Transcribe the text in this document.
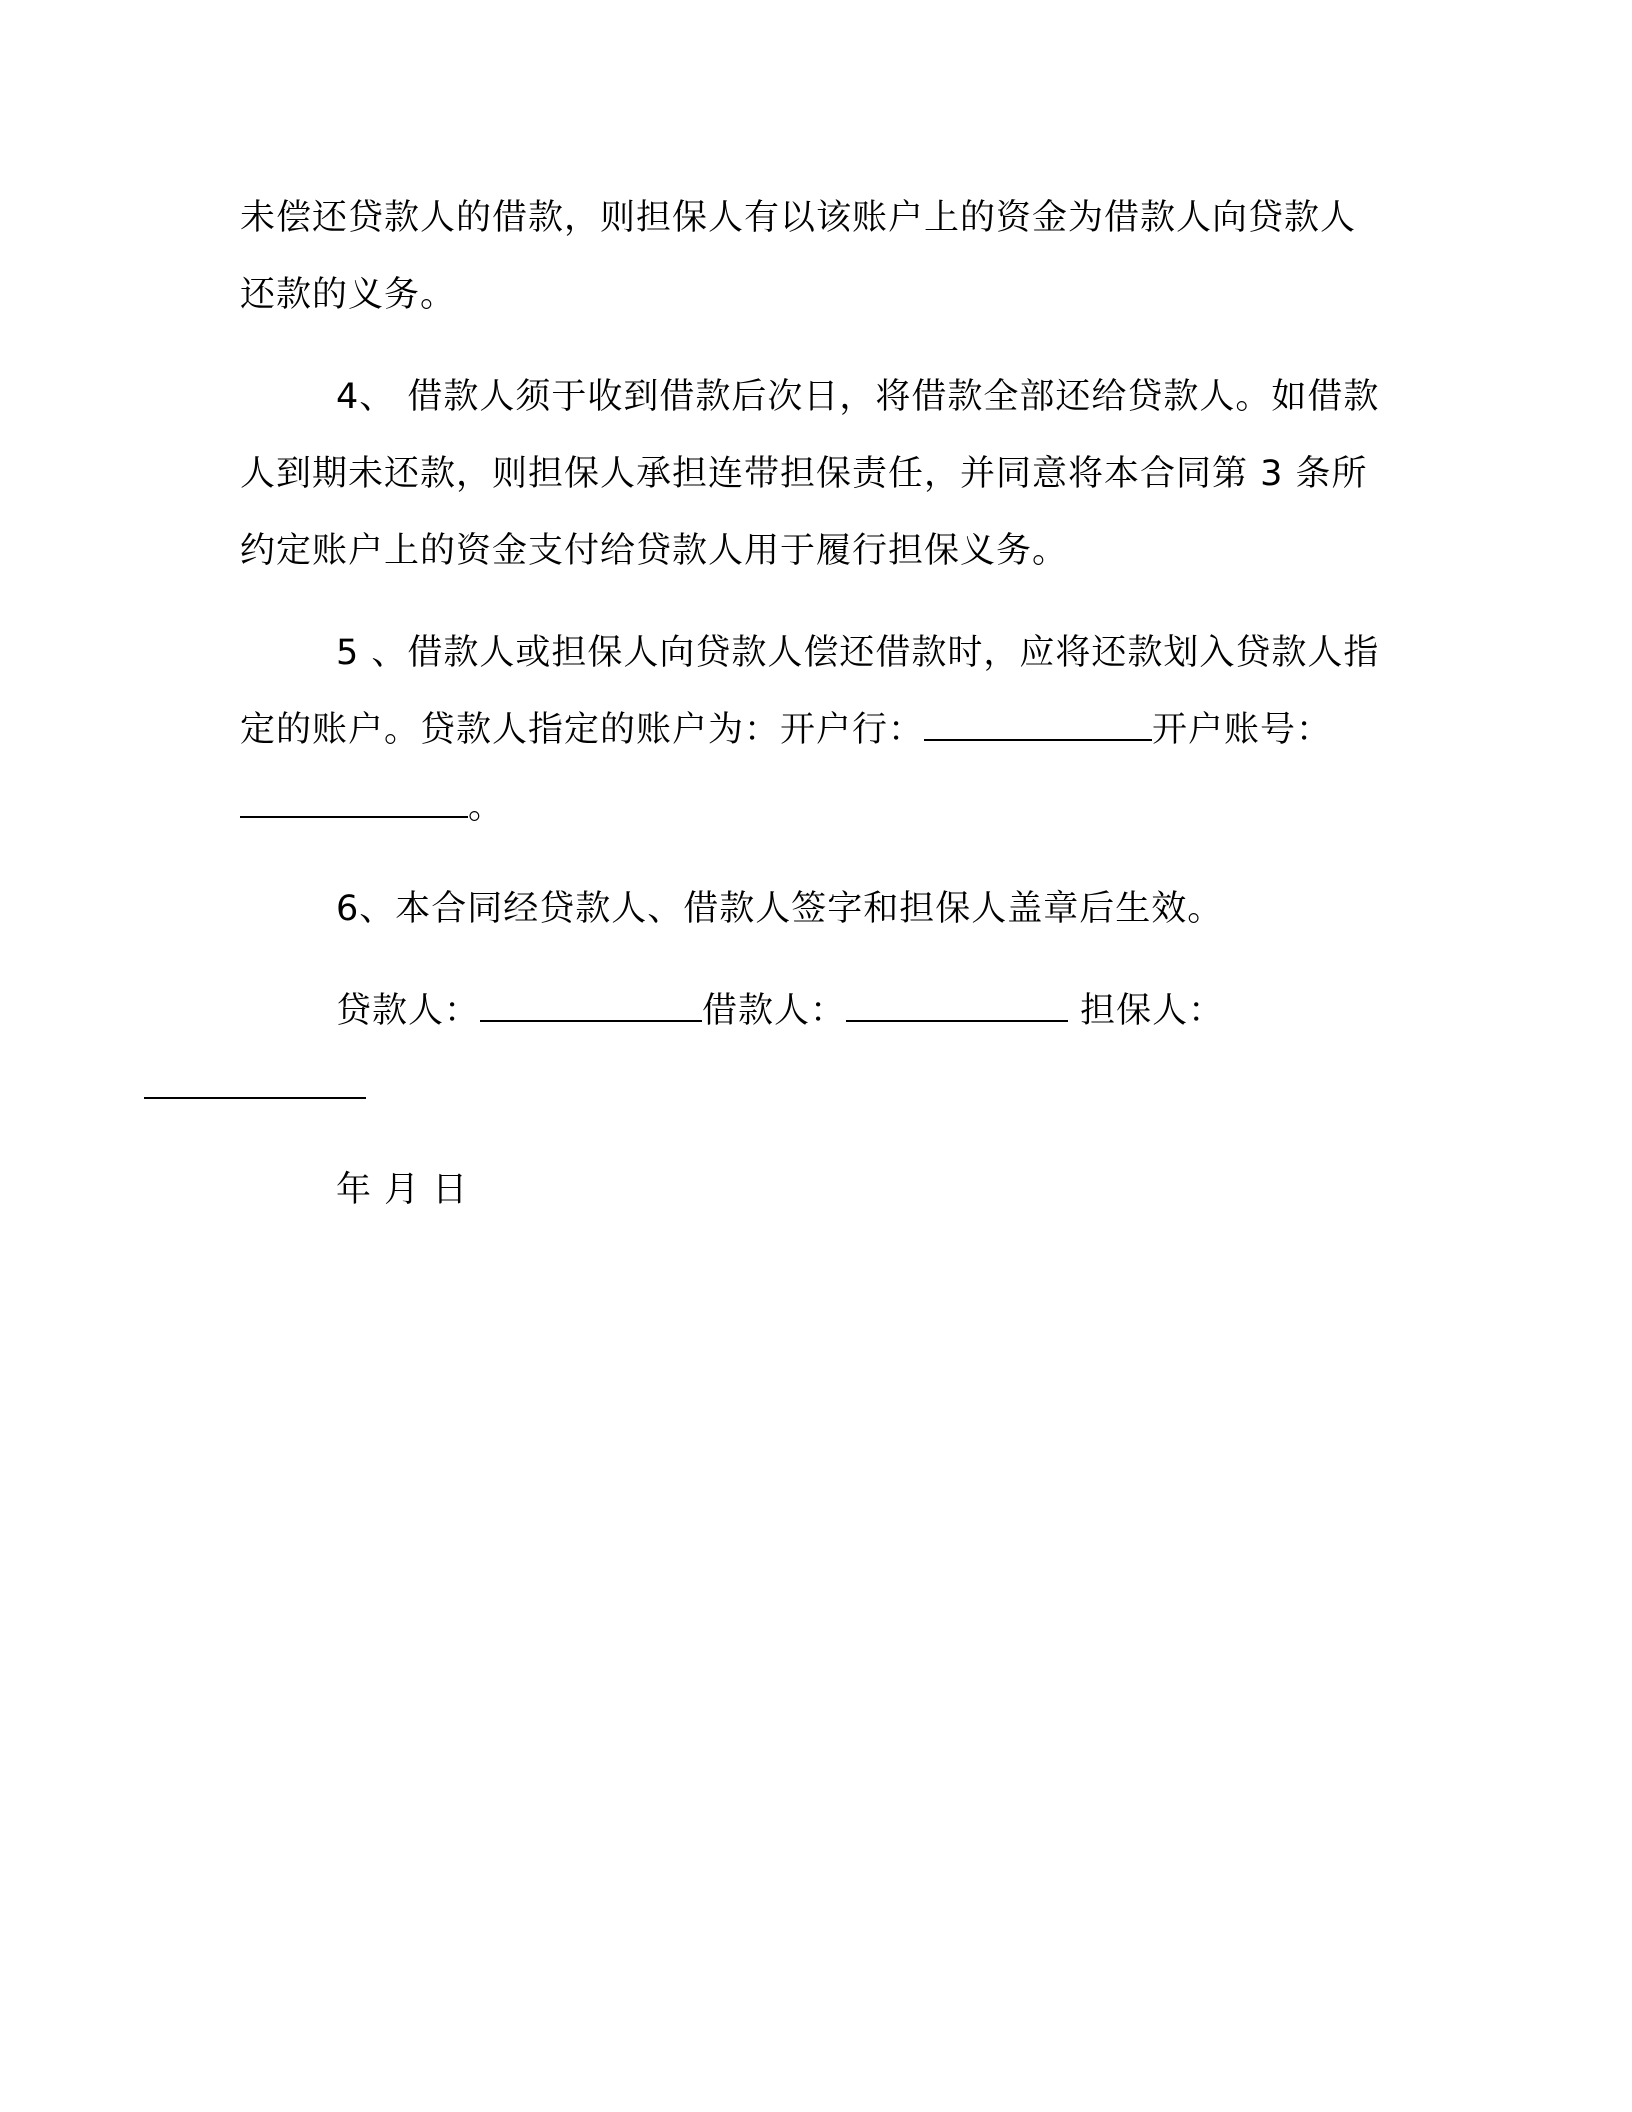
未偿还贷款人的借款，则担保人有以该账户上的资金为借款人向贷款人还款的义务。

4、 借款人须于收到借款后次日，将借款全部还给贷款人。如借款人到期未还款，则担保人承担连带担保责任，并同意将本合同第 3 条所约定账户上的资金支付给贷款人用于履行担保义务。

5 、借款人或担保人向贷款人偿还借款时，应将还款划入贷款人指定的账户。贷款人指定的账户为：开户行：	开户账号：。

6、本合同经贷款人、借款人签字和担保人盖章后生效。

贷款人：	借款人：	担保人：

年 月 日
